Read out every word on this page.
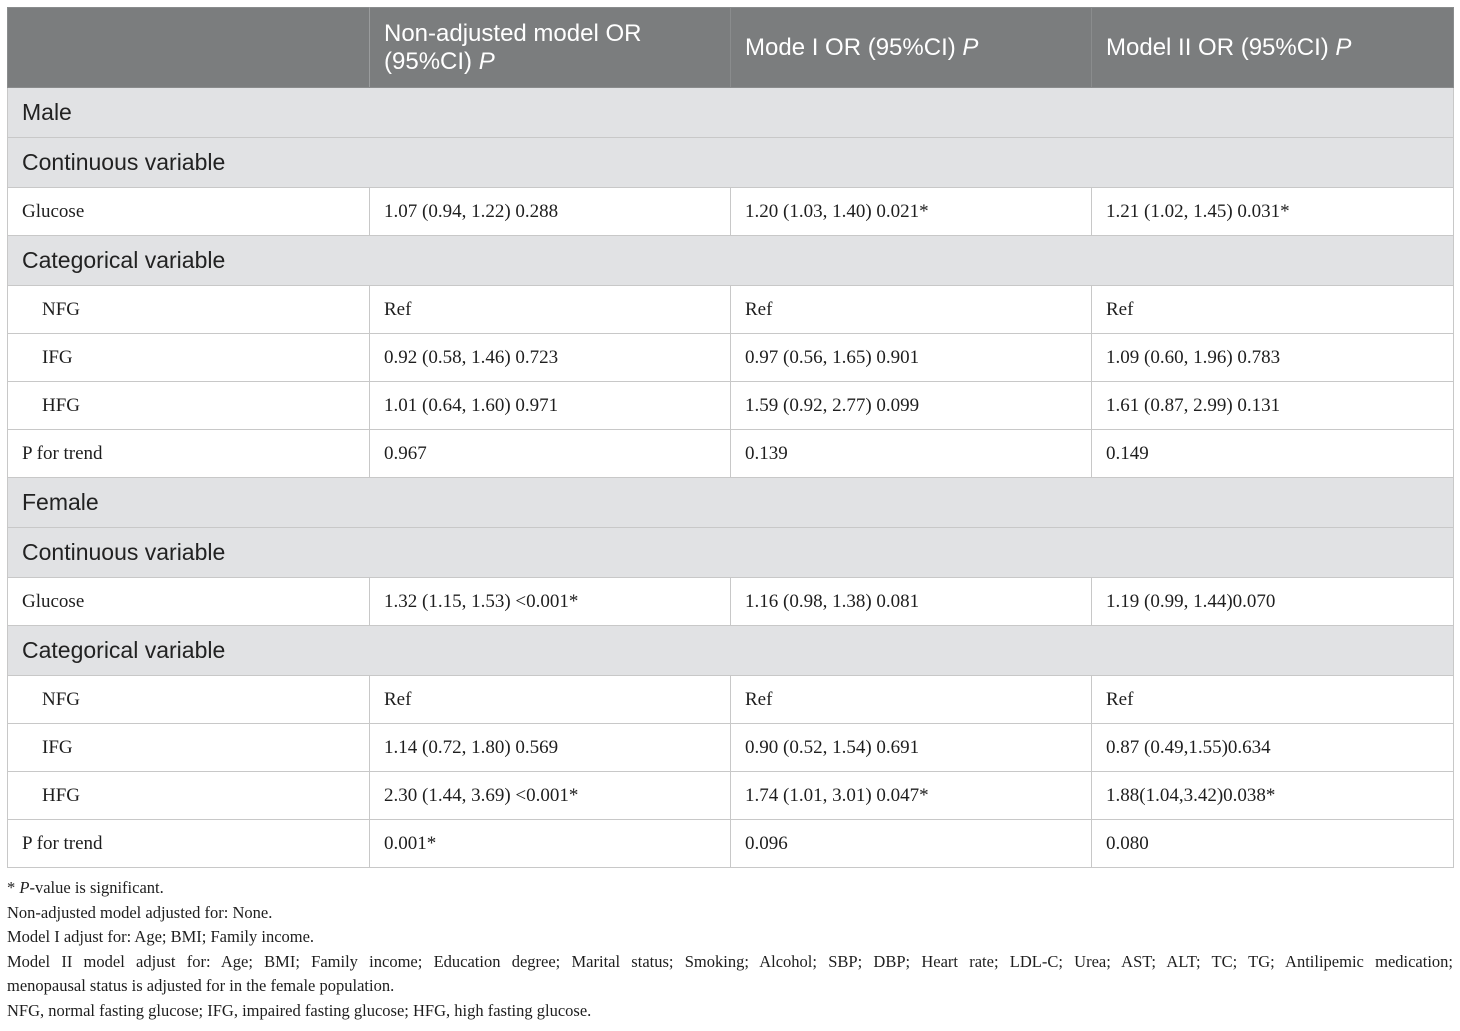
	Non-adjusted model OR (95%CI) P	Mode I OR (95%CI) P	Model II OR (95%CI) P
Male			
Continuous variable			
Glucose	1.07 (0.94, 1.22) 0.288	1.20 (1.03, 1.40) 0.021*	1.21 (1.02, 1.45) 0.031*
Categorical variable			
NFG	Ref	Ref	Ref
IFG	0.92 (0.58, 1.46) 0.723	0.97 (0.56, 1.65) 0.901	1.09 (0.60, 1.96) 0.783
HFG	1.01 (0.64, 1.60) 0.971	1.59 (0.92, 2.77) 0.099	1.61 (0.87, 2.99) 0.131
P for trend	0.967	0.139	0.149
Female			
Continuous variable			
Glucose	1.32 (1.15, 1.53) <0.001*	1.16 (0.98, 1.38) 0.081	1.19 (0.99, 1.44)0.070
Categorical variable			
NFG	Ref	Ref	Ref
IFG	1.14 (0.72, 1.80) 0.569	0.90 (0.52, 1.54) 0.691	0.87 (0.49,1.55)0.634
HFG	2.30 (1.44, 3.69) <0.001*	1.74 (1.01, 3.01) 0.047*	1.88(1.04,3.42)0.038*
P for trend	0.001*	0.096	0.080

* P-value is significant.

Non-adjusted model adjusted for: None.

Model I adjust for: Age; BMI; Family income.

Model II model adjust for: Age; BMI; Family income; Education degree; Marital status; Smoking; Alcohol; SBP; DBP; Heart rate; LDL-C; Urea; AST; ALT; TC; TG; Antilipemic medication;

menopausal status is adjusted for in the female population.

NFG, normal fasting glucose; IFG, impaired fasting glucose; HFG, high fasting glucose.
